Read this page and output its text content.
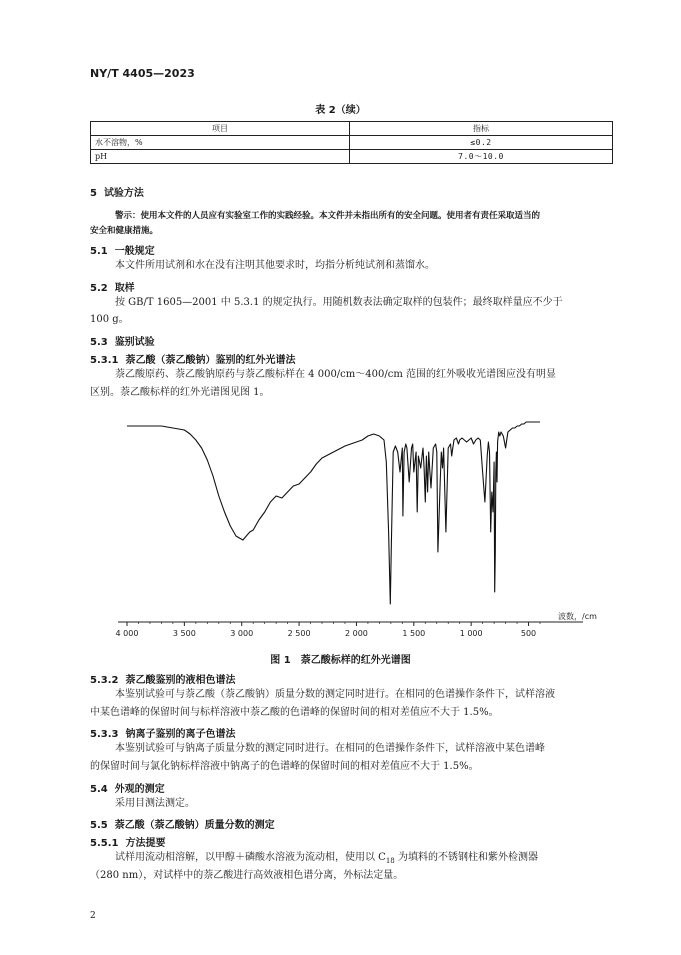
NY/T 4405—2023
表 2（续）
项目	指标
水不溶物，%	≤0.2
pH	7.0～10.0
5 试验方法
警示：使用本文件的人员应有实验室工作的实践经验。本文件并未指出所有的安全问题。使用者有责任采取适当的
安全和健康措施。
5.1 一般规定
本文件所用试剂和水在没有注明其他要求时，均指分析纯试剂和蒸馏水。
5.2 取样
按 GB/T 1605—2001 中 5.3.1 的规定执行。用随机数表法确定取样的包装件；最终取样量应不少于
100 g。
5.3 鉴别试验
5.3.1 萘乙酸（萘乙酸钠）鉴别的红外光谱法
萘乙酸原药、萘乙酸钠原药与萘乙酸标样在 4 000/cm～400/cm 范围的红外吸收光谱图应没有明显
区别。萘乙酸标样的红外光谱图见图 1。
4 000	3 500	3 000	2 500	2 000	1 500	1 000	500
波数，/cm
图 1　萘乙酸标样的红外光谱图
5.3.2 萘乙酸鉴别的液相色谱法
本鉴别试验可与萘乙酸（萘乙酸钠）质量分数的测定同时进行。在相同的色谱操作条件下，试样溶液
中某色谱峰的保留时间与标样溶液中萘乙酸的色谱峰的保留时间的相对差值应不大于 1.5%。
5.3.3 钠离子鉴别的离子色谱法
本鉴别试验可与钠离子质量分数的测定同时进行。在相同的色谱操作条件下，试样溶液中某色谱峰
的保留时间与氯化钠标样溶液中钠离子的色谱峰的保留时间的相对差值应不大于 1.5%。
5.4 外观的测定
采用目测法测定。
5.5 萘乙酸（萘乙酸钠）质量分数的测定
5.5.1 方法提要
试样用流动相溶解，以甲醇＋磷酸水溶液为流动相，使用以 $C_{18}$ 为填料的不锈钢柱和紫外检测器
（280 nm），对试样中的萘乙酸进行高效液相色谱分离，外标法定量。
2
